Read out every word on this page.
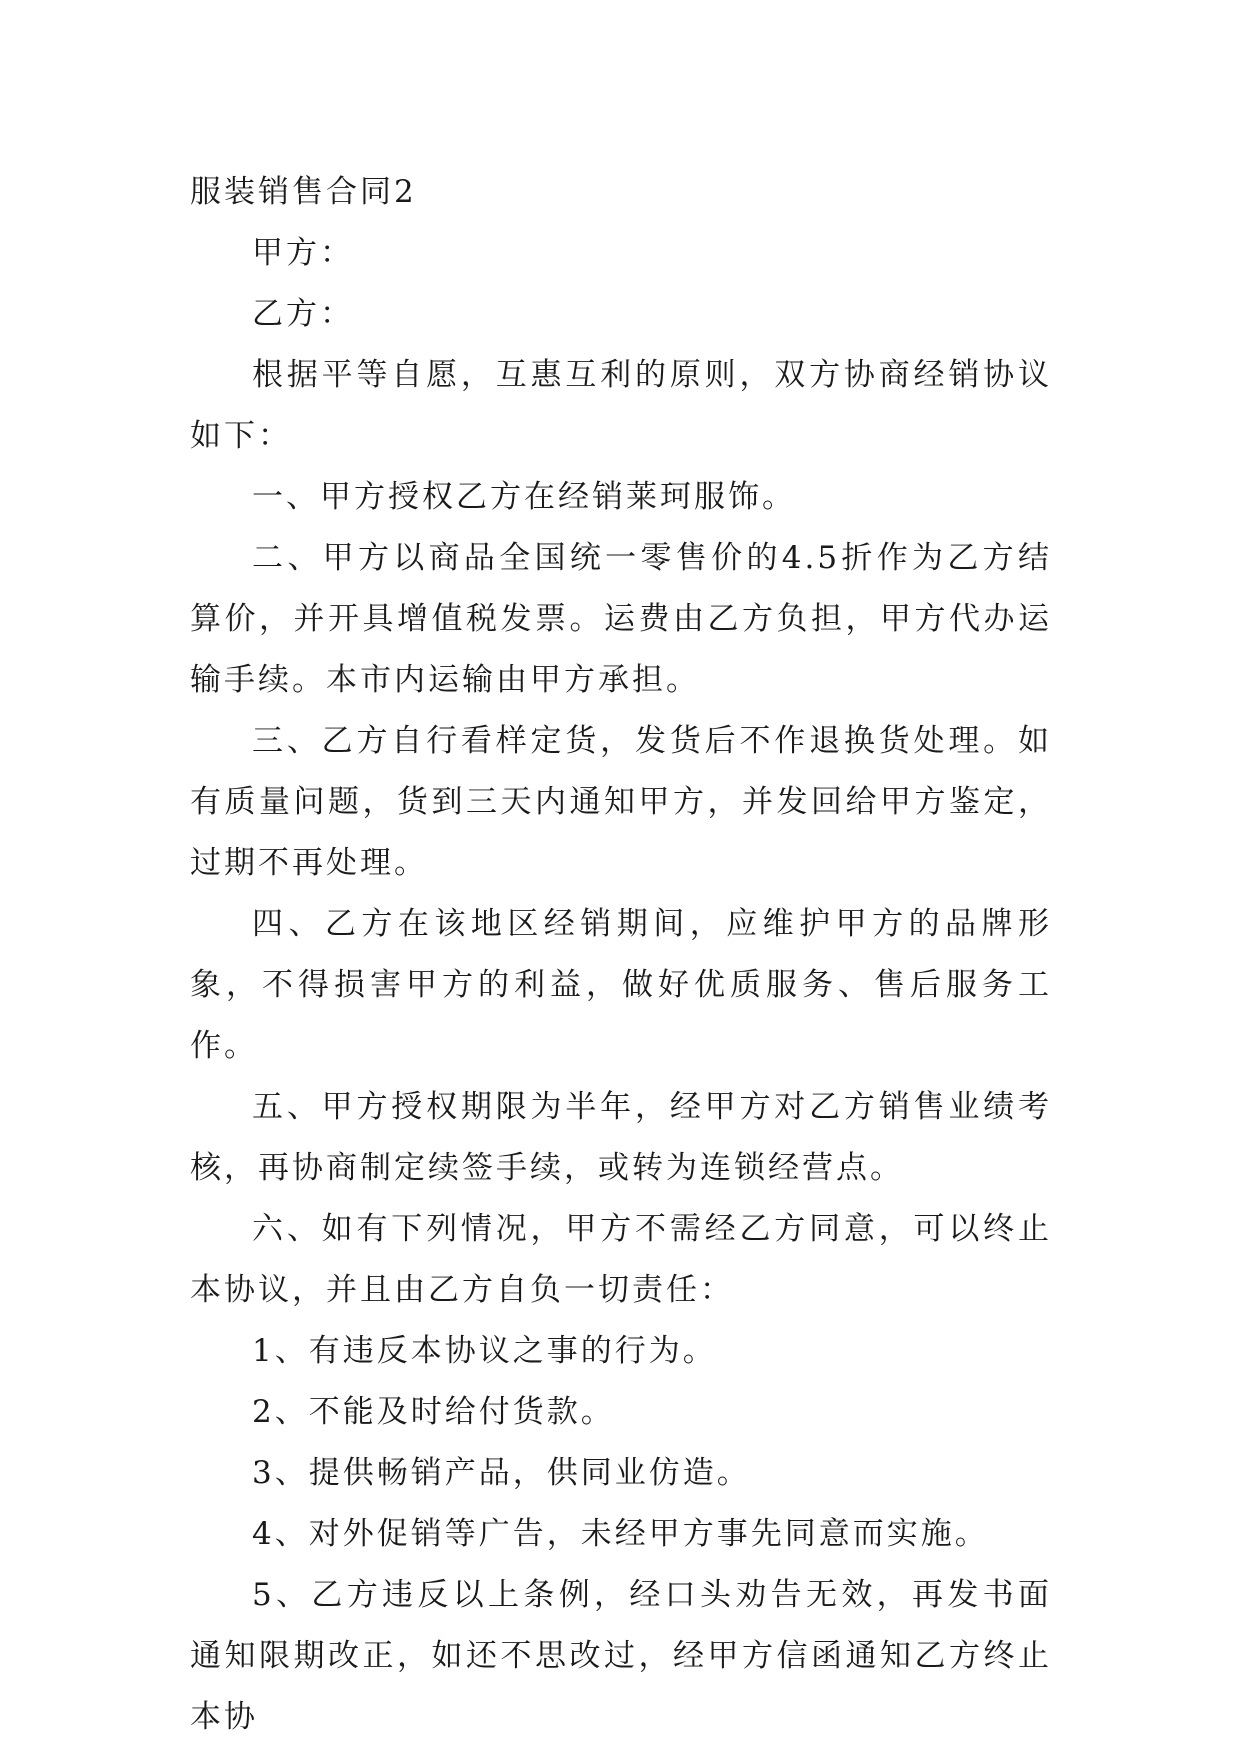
服装销售合同2

甲方：

乙方：

根据平等自愿，互惠互利的原则，双方协商经销协议如下：

一、甲方授权乙方在经销莱珂服饰。

二、甲方以商品全国统一零售价的4.5折作为乙方结算价，并开具增值税发票。运费由乙方负担，甲方代办运输手续。本市内运输由甲方承担。

三、乙方自行看样定货，发货后不作退换货处理。如有质量问题，货到三天内通知甲方，并发回给甲方鉴定，过期不再处理。

四、乙方在该地区经销期间，应维护甲方的品牌形象，不得损害甲方的利益，做好优质服务、售后服务工作。

五、甲方授权期限为半年，经甲方对乙方销售业绩考核，再协商制定续签手续，或转为连锁经营点。

六、如有下列情况，甲方不需经乙方同意，可以终止本协议，并且由乙方自负一切责任：

1、有违反本协议之事的行为。

2、不能及时给付货款。

3、提供畅销产品，供同业仿造。

4、对外促销等广告，未经甲方事先同意而实施。

5、乙方违反以上条例，经口头劝告无效，再发书面通知限期改正，如还不思改过，经甲方信函通知乙方终止本协
